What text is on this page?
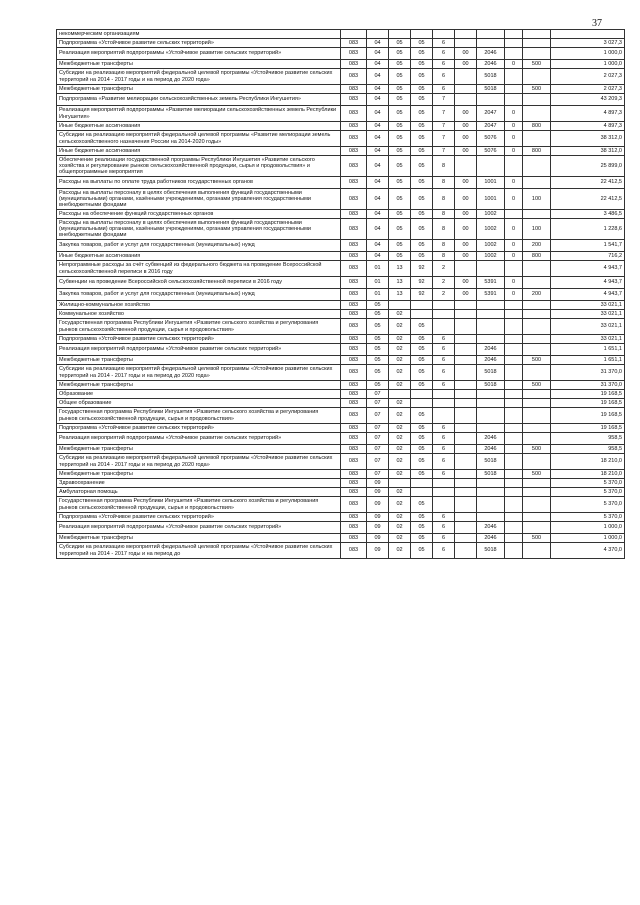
37
некоммерческим организациям										
Подпрограмма «Устойчивое развитие сельских территорий»	083	04	05	05	6					3 027,3
Реализация мероприятий подпрограммы «Устойчивое развитие сельских территорий»	083	04	05	05	6	00	2046			1 000,0
Межбюджетные трансферты	083	04	05	05	6	00	2046	0	500	1 000,0
Субсидии на реализацию мероприятий федеральной целевой программы «Устойчивое развитие сельских территорий на 2014 - 2017 годы и на период до 2020 года»	083	04	05	05	6		5018			2 027,3
Межбюджетные трансферты	083	04	05	05	6		5018		500	2 027,3
Подпрограмма «Развитие мелиорации сельскохозяйственных земель Республики Ингушетия»	083	04	05	05	7					43 209,3
Реализация мероприятий подпрограммы «Развитие мелиорации сельскохозяйственных земель Республики Ингушетия»	083	04	05	05	7	00	2047	0		4 897,3
Иные бюджетные ассигнования	083	04	05	05	7	00	2047	0	800	4 897,3
Субсидии на реализацию мероприятий федеральной целевой программы «Развитие мелиорации земель сельскохозяйственного назначения России на 2014-2020 годы»	083	04	05	05	7	00	5076	0		38 312,0
Иные бюджетные ассигнования	083	04	05	05	7	00	5076	0	800	38 312,0
Обеспечение реализации государственной программы Республики Ингушетия «Развитие сельского хозяйства и регулирование рынков сельскохозяйственной продукции, сырья и продовольствия» и общепрограммные мероприятия	083	04	05	05	8					25 899,0
Расходы на выплаты по оплате труда работников государственных органов	083	04	05	05	8	00	1001	0		22 412,5
Расходы на выплаты персоналу в целях обеспечения выполнения функций государственными (муниципальными) органами, казёнными учреждениями, органами управления государственными внебюджетными фондами	083	04	05	05	8	00	1001	0	100	22 412,5
Расходы на обеспечение функций государственных органов	083	04	05	05	8	00	1002			3 486,5
Расходы на выплаты персоналу в целях обеспечения выполнения функций государственными (муниципальными) органами, казёнными учреждениями, органами управления государственными внебюджетными фондами	083	04	05	05	8	00	1002	0	100	1 228,6
Закупка товаров, работ и услуг для государственных (муниципальных) нужд	083	04	05	05	8	00	1002	0	200	1 541,7
Иные бюджетные ассигнования	083	04	05	05	8	00	1002	0	800	716,2
Непрограммные расходы за счёт субвенций из федерального бюджета на проведение Всероссийской сельскохозяйственной переписи в 2016 году	083	01	13	92	2					4 943,7
Субвенции на проведение Всероссийской сельскохозяйственной переписи в 2016 году	083	01	13	92	2	00	5391	0		4 943,7
Закупка товаров, работ и услуг для государственных (муниципальных) нужд	083	01	13	92	2	00	5391	0	200	4 943,7
Жилищно-коммунальное хозяйство	083	05								33 021,1
Коммунальное хозяйство	083	05	02							33 021,1
Государственная программа Республики Ингушетия «Развитие сельского хозяйства и регулирования рынков сельскохозяйственной продукции, сырья и продовольствия»	083	05	02	05						33 021,1
Подпрограмма «Устойчивое развитие сельских территорий»	083	05	02	05	6					33 021,1
Реализация мероприятий подпрограммы «Устойчивое развитие сельских территорий»	083	05	02	05	6		2046			1 651,1
Межбюджетные трансферты	083	05	02	05	6		2046		500	1 651,1
Субсидии на реализацию мероприятий федеральной целевой программы «Устойчивое развитие сельских территорий на 2014 - 2017 годы и на период до 2020 года»	083	05	02	05	6		5018			31 370,0
Межбюджетные трансферты	083	05	02	05	6		5018		500	31 370,0
Образование	083	07								19 168,5
Общее образование	083	07	02							19 168,5
Государственная программа Республики Ингушетия «Развитие сельского хозяйства и регулирования рынков сельскохозяйственной продукции, сырья и продовольствия»	083	07	02	05						19 168,5
Подпрограмма «Устойчивое развитие сельских территорий»	083	07	02	05	6					19 168,5
Реализация мероприятий подпрограммы «Устойчивое развитие сельских территорий»	083	07	02	05	6		2046			958,5
Межбюджетные трансферты	083	07	02	05	6		2046		500	958,5
Субсидии на реализацию мероприятий федеральной целевой программы «Устойчивое развитие сельских территорий на 2014 - 2017 годы и на период до 2020 года»	083	07	02	05	6		5018			18 210,0
Межбюджетные трансферты	083	07	02	05	6		5018		500	18 210,0
Здравоохранение	083	09								5 370,0
Амбулаторная помощь	083	09	02							5 370,0
Государственная программа Республики Ингушетия «Развитие сельского хозяйства и регулирования рынков сельскохозяйственной продукции, сырья и продовольствия»	083	09	02	05						5 370,0
Подпрограмма «Устойчивое развитие сельских территорий»	083	09	02	05	6					5 370,0
Реализация мероприятий подпрограммы «Устойчивое развитие сельских территорий»	083	09	02	05	6		2046			1 000,0
Межбюджетные трансферты	083	09	02	05	6		2046		500	1 000,0
Субсидии на реализацию мероприятий федеральной целевой программы «Устойчивое развитие сельских территорий на 2014 - 2017 годы и на период до	083	09	02	05	6		5018			4 370,0
